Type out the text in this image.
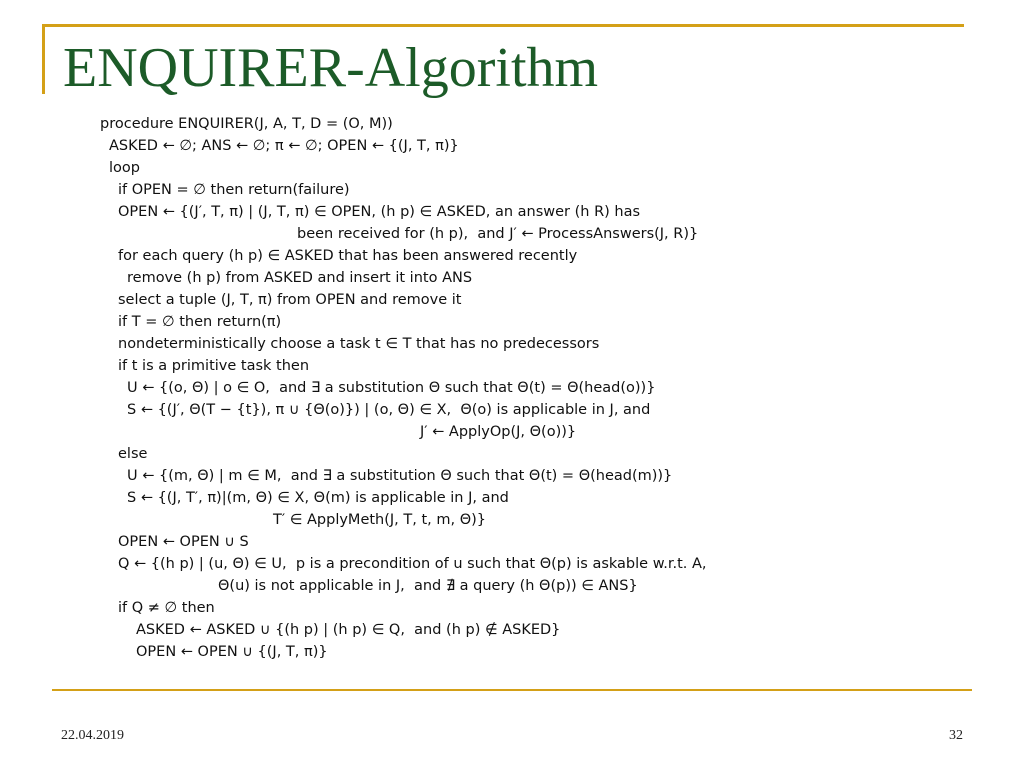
ENQUIRER-Algorithm
procedure ENQUIRER(J, A, T, D = (O, M))
ASKED ← ∅; ANS ← ∅; π ← ∅; OPEN ← {(J, T, π)}
loop
if OPEN = ∅ then return(failure)
OPEN ← {(J′, T, π) | (J, T, π) ∈ OPEN, (h p) ∈ ASKED, an answer (h R) has
been received for (h p),  and J′ ← ProcessAnswers(J, R)}
for each query (h p) ∈ ASKED that has been answered recently
remove (h p) from ASKED and insert it into ANS
select a tuple (J, T, π) from OPEN and remove it
if T = ∅ then return(π)
nondeterministically choose a task t ∈ T that has no predecessors
if t is a primitive task then
U ← {(o, Θ) | o ∈ O,  and ∃ a substitution Θ such that Θ(t) = Θ(head(o))}
S ← {(J′, Θ(T − {t}), π ∪ {Θ(o)}) | (o, Θ) ∈ X,  Θ(o) is applicable in J, and
J′ ← ApplyOp(J, Θ(o))}
else
U ← {(m, Θ) | m ∈ M,  and ∃ a substitution Θ such that Θ(t) = Θ(head(m))}
S ← {(J, T′, π)|(m, Θ) ∈ X, Θ(m) is applicable in J, and
T′ ∈ ApplyMeth(J, T, t, m, Θ)}
OPEN ← OPEN ∪ S
Q ← {(h p) | (u, Θ) ∈ U,  p is a precondition of u such that Θ(p) is askable w.r.t. A,
Θ(u) is not applicable in J,  and ∄ a query (h Θ(p)) ∈ ANS}
if Q ≠ ∅ then
ASKED ← ASKED ∪ {(h p) | (h p) ∈ Q,  and (h p) ∉ ASKED}
OPEN ← OPEN ∪ {(J, T, π)}
22.04.2019	32
